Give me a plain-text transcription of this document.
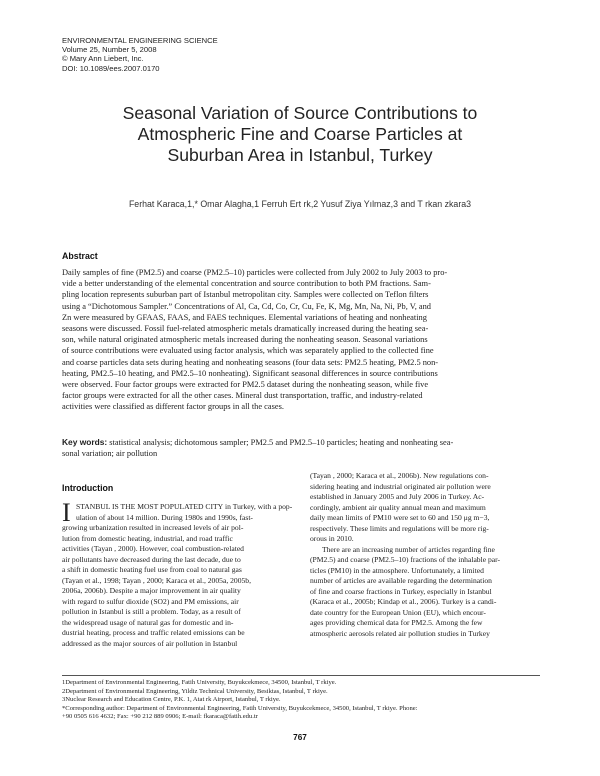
ENVIRONMENTAL ENGINEERING SCIENCE
Volume 25, Number 5, 2008
© Mary Ann Liebert, Inc.
DOI: 10.1089/ees.2007.0170
Seasonal Variation of Source Contributions to
Atmospheric Fine and Coarse Particles at
Suburban Area in Istanbul, Turkey
Ferhat Karaca,1,* Omar Alagha,1 Ferruh Ert rk,2 Yusuf Ziya Yılmaz,3 and T rkan zkara3
Abstract
Daily samples of fine (PM2.5) and coarse (PM2.5–10) particles were collected from July 2002 to July 2003 to pro-
vide a better understanding of the elemental concentration and source contribution to both PM fractions. Sam-
pling location represents suburban part of Istanbul metropolitan city. Samples were collected on Teflon filters
using a “Dichotomous Sampler.” Concentrations of Al, Ca, Cd, Co, Cr, Cu, Fe, K, Mg, Mn, Na, Ni, Pb, V, and
Zn were measured by GFAAS, FAAS, and FAES techniques. Elemental variations of heating and nonheating
seasons were discussed. Fossil fuel-related atmospheric metals dramatically increased during the heating sea-
son, while natural originated atmospheric metals increased during the nonheating season. Seasonal variations
of source contributions were evaluated using factor analysis, which was separately applied to the collected fine
and coarse particles data sets during heating and nonheating seasons (four data sets: PM2.5 heating, PM2.5 non-
heating, PM2.5–10 heating, and PM2.5–10 nonheating). Significant seasonal differences in source contributions
were observed. Four factor groups were extracted for PM2.5 dataset during the nonheating season, while five
factor groups were extracted for all the other cases. Mineral dust transportation, traffic, and industry-related
activities were classified as different factor groups in all the cases.
Key words: statistical analysis; dichotomous sampler; PM2.5 and PM2.5–10 particles; heating and nonheating sea-
sonal variation; air pollution
Introduction
I STANBUL IS THE MOST POPULATED CITY in Turkey, with a pop-
ulation of about 14 million. During 1980s and 1990s, fast-
growing urbanization resulted in increased levels of air pol-
lution from domestic heating, industrial, and road traffic
activities (Tayan , 2000). However, coal combustion-related
air pollutants have decreased during the last decade, due to
a shift in domestic heating fuel use from coal to natural gas
(Tayan et al., 1998; Tayan , 2000; Karaca et al., 2005a, 2005b,
2006a, 2006b). Despite a major improvement in air quality
with regard to sulfur dioxide (SO2) and PM emissions, air
pollution in Istanbul is still a problem. Today, as a result of
the widespread usage of natural gas for domestic and in-
dustrial heating, process and traffic related emissions can be
addressed as the major sources of air pollution in Istanbul
(Tayan , 2000; Karaca et al., 2006b). New regulations con-
sidering heating and industrial originated air pollution were
established in January 2005 and July 2006 in Turkey. Ac-
cordingly, ambient air quality annual mean and maximum
daily mean limits of PM10 were set to 60 and 150 μg m−3,
respectively. These limits and regulations will be more rig-
orous in 2010.
There are an increasing number of articles regarding fine
(PM2.5) and coarse (PM2.5–10) fractions of the inhalable par-
ticles (PM10) in the atmosphere. Unfortunately, a limited
number of articles are available regarding the determination
of fine and coarse fractions in Turkey, especially in Istanbul
(Karaca et al., 2005b; Kindap et al., 2006). Turkey is a candi-
date country for the European Union (EU), which encour-
ages providing chemical data for PM2.5. Among the few
atmospheric aerosols related air pollution studies in Turkey
1Department of Environmental Engineering, Fatih University, Buyukcekmece, 34500, Istanbul, T rkiye.
2Department of Environmental Engineering, Yildiz Technical University, Besiktas, Istanbul, T rkiye.
3Nuclear Research and Education Centre, P.K. 1, Atat rk Airport, Istanbul, T rkiye.
*Corresponding author: Department of Environmental Engineering, Fatih University, Buyukcekmece, 34500, Istanbul, T rkiye. Phone:
+90 0505 616 4632; Fax: +90 212 889 0906; E-mail: fkaraca@fatih.edu.tr
767
